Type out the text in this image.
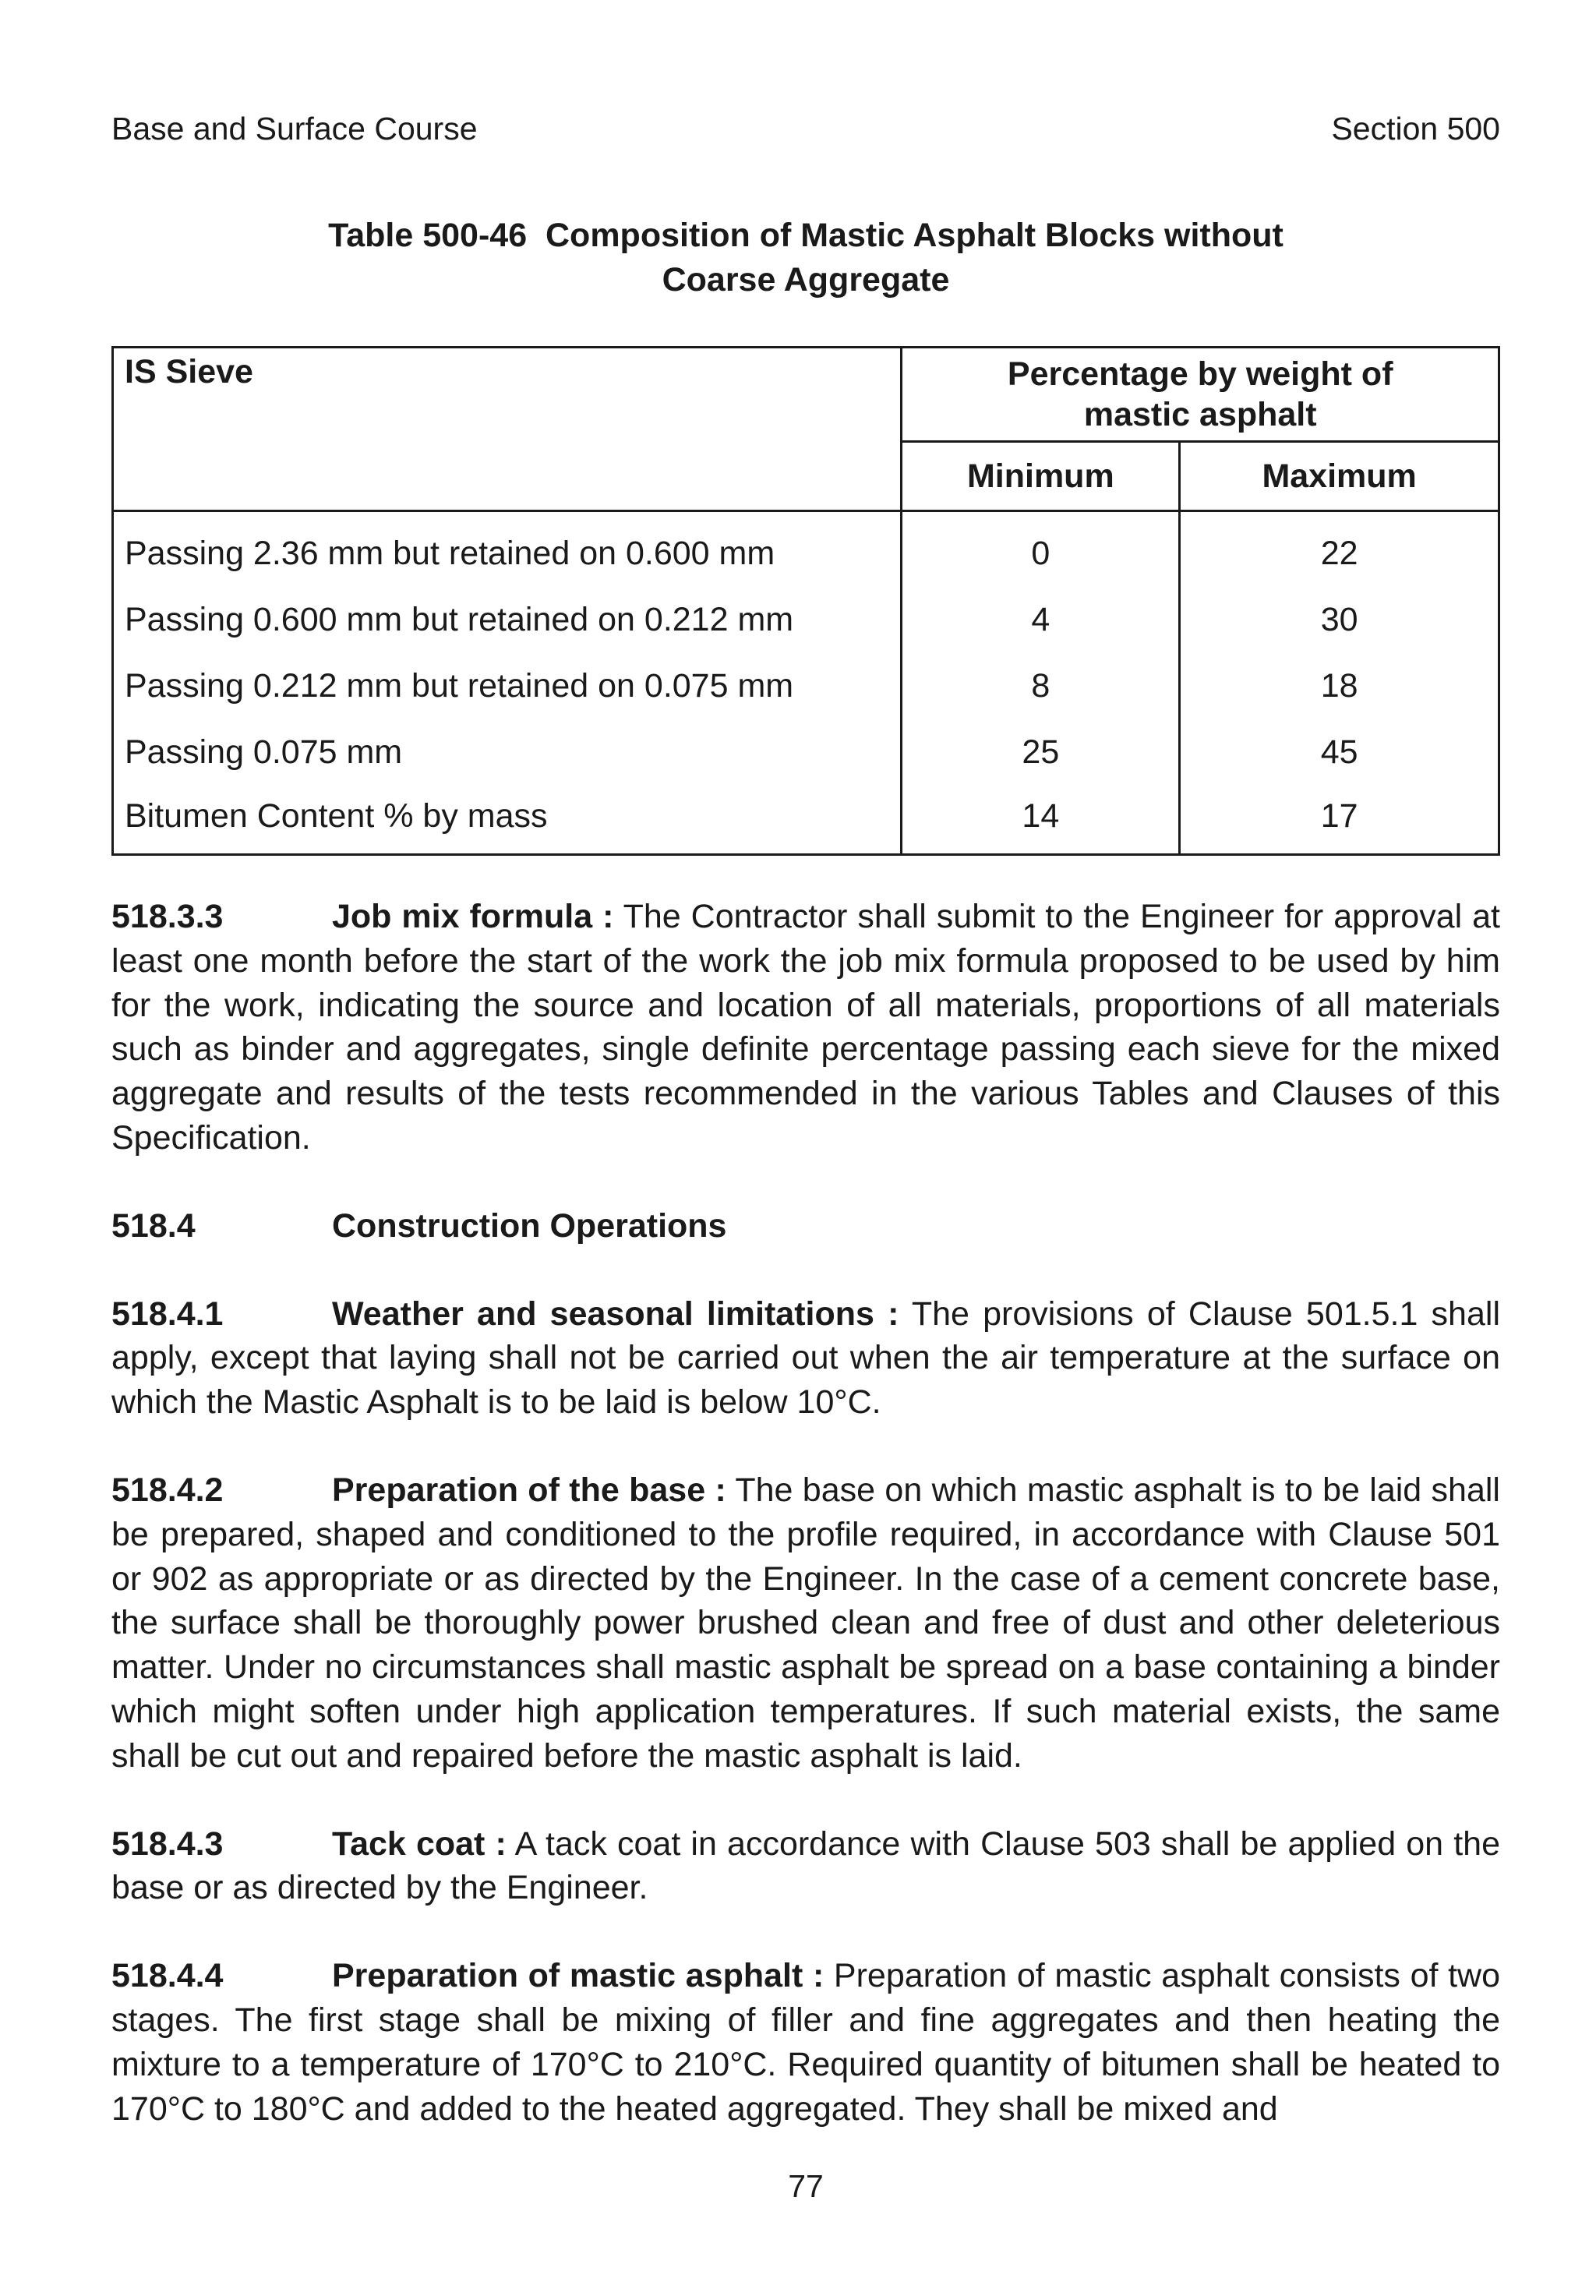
Base and Surface Course	Section 500
Table 500-46  Composition of Mastic Asphalt Blocks without
Coarse Aggregate
IS Sieve	Percentage by weight of mastic asphalt	

	Minimum	Maximum
Passing 2.36 mm but retained on 0.600 mm	0	22
Passing 0.600 mm but retained on 0.212 mm	4	30
Passing 0.212 mm but retained on 0.075 mm	8	18
Passing 0.075 mm	25	45
Bitumen Content % by mass	14	17

518.3.3	Job mix formula : The Contractor shall submit to the Engineer for approval at least one month before the start of the work the job mix formula proposed to be used by him for the work, indicating the source and location of all materials, proportions of all materials such as binder and aggregates, single definite percentage passing each sieve for the mixed aggregate and results of the tests recommended in the various Tables and Clauses of this Specification.

518.4	Construction Operations

518.4.1	Weather and seasonal limitations : The provisions of Clause 501.5.1 shall apply, except that laying shall not be carried out when the air temperature at the surface on which the Mastic Asphalt is to be laid is below 10°C.

518.4.2	Preparation of the base : The base on which mastic asphalt is to be laid shall be prepared, shaped and conditioned to the profile required, in accordance with Clause 501 or 902 as appropriate or as directed by the Engineer. In the case of a cement concrete base, the surface shall be thoroughly power brushed clean and free of dust and other deleterious matter. Under no circumstances shall mastic asphalt be spread on a base containing a binder which might soften under high application temperatures. If such material exists, the same shall be cut out and repaired before the mastic asphalt is laid.

518.4.3	Tack coat : A tack coat in accordance with Clause 503 shall be applied on the base or as directed by the Engineer.

518.4.4	Preparation of mastic asphalt : Preparation of mastic asphalt consists of two stages. The first stage shall be mixing of filler and fine aggregates and then heating the mixture to a temperature of 170°C to 210°C. Required quantity of bitumen shall be heated to 170°C to 180°C and added to the heated aggregated. They shall be mixed and

77
